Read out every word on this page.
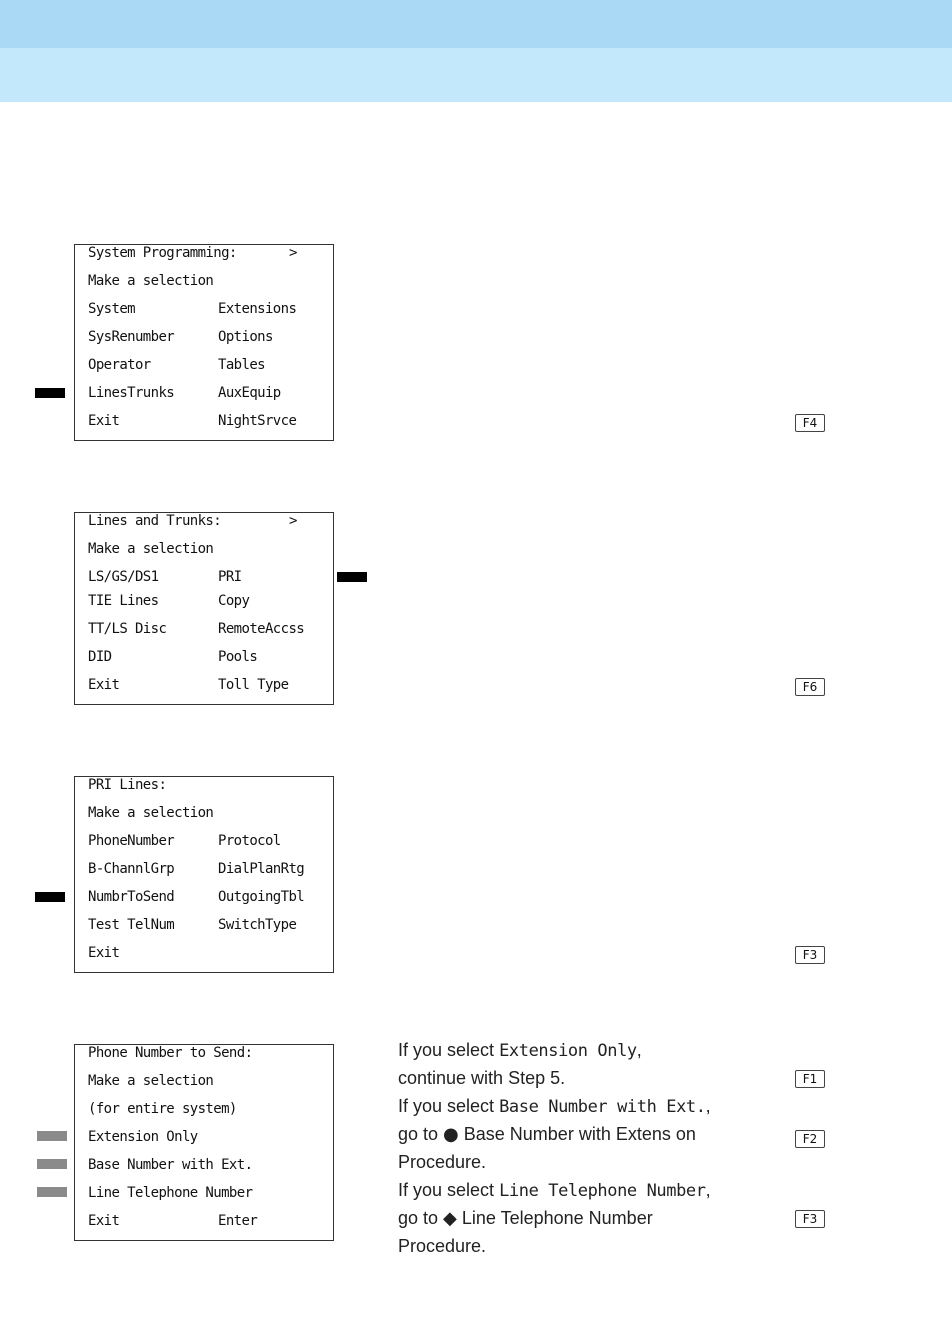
System Programming:	>
Make a selection
System	Extensions
SysRenumber	Options
Operator	Tables
LinesTrunks	AuxEquip
Exit	NightSrvce	F4
Lines and Trunks:	>
Make a selection
LS/GS/DS1	PRI
TIE Lines	Copy
TT/LS Disc	RemoteAccss
DID	Pools
Exit	Toll Type	F6
PRI Lines:
Make a selection
PhoneNumber	Protocol
B-ChannlGrp	DialPlanRtg
NumbrToSend	OutgoingTbl
Test TelNum	SwitchType
Exit	F3
Phone Number to Send:
Make a selection
(for entire system)
Extension Only
Base Number with Ext.
Line Telephone Number
Exit	Enter
F1
F2
F3
If you select Extension Only,
continue with Step 5.
If you select Base Number with Ext.,
go to ● Base Number with Extens on
Procedure.
If you select Line Telephone Number,
go to ◆ Line Telephone Number
Procedure.
